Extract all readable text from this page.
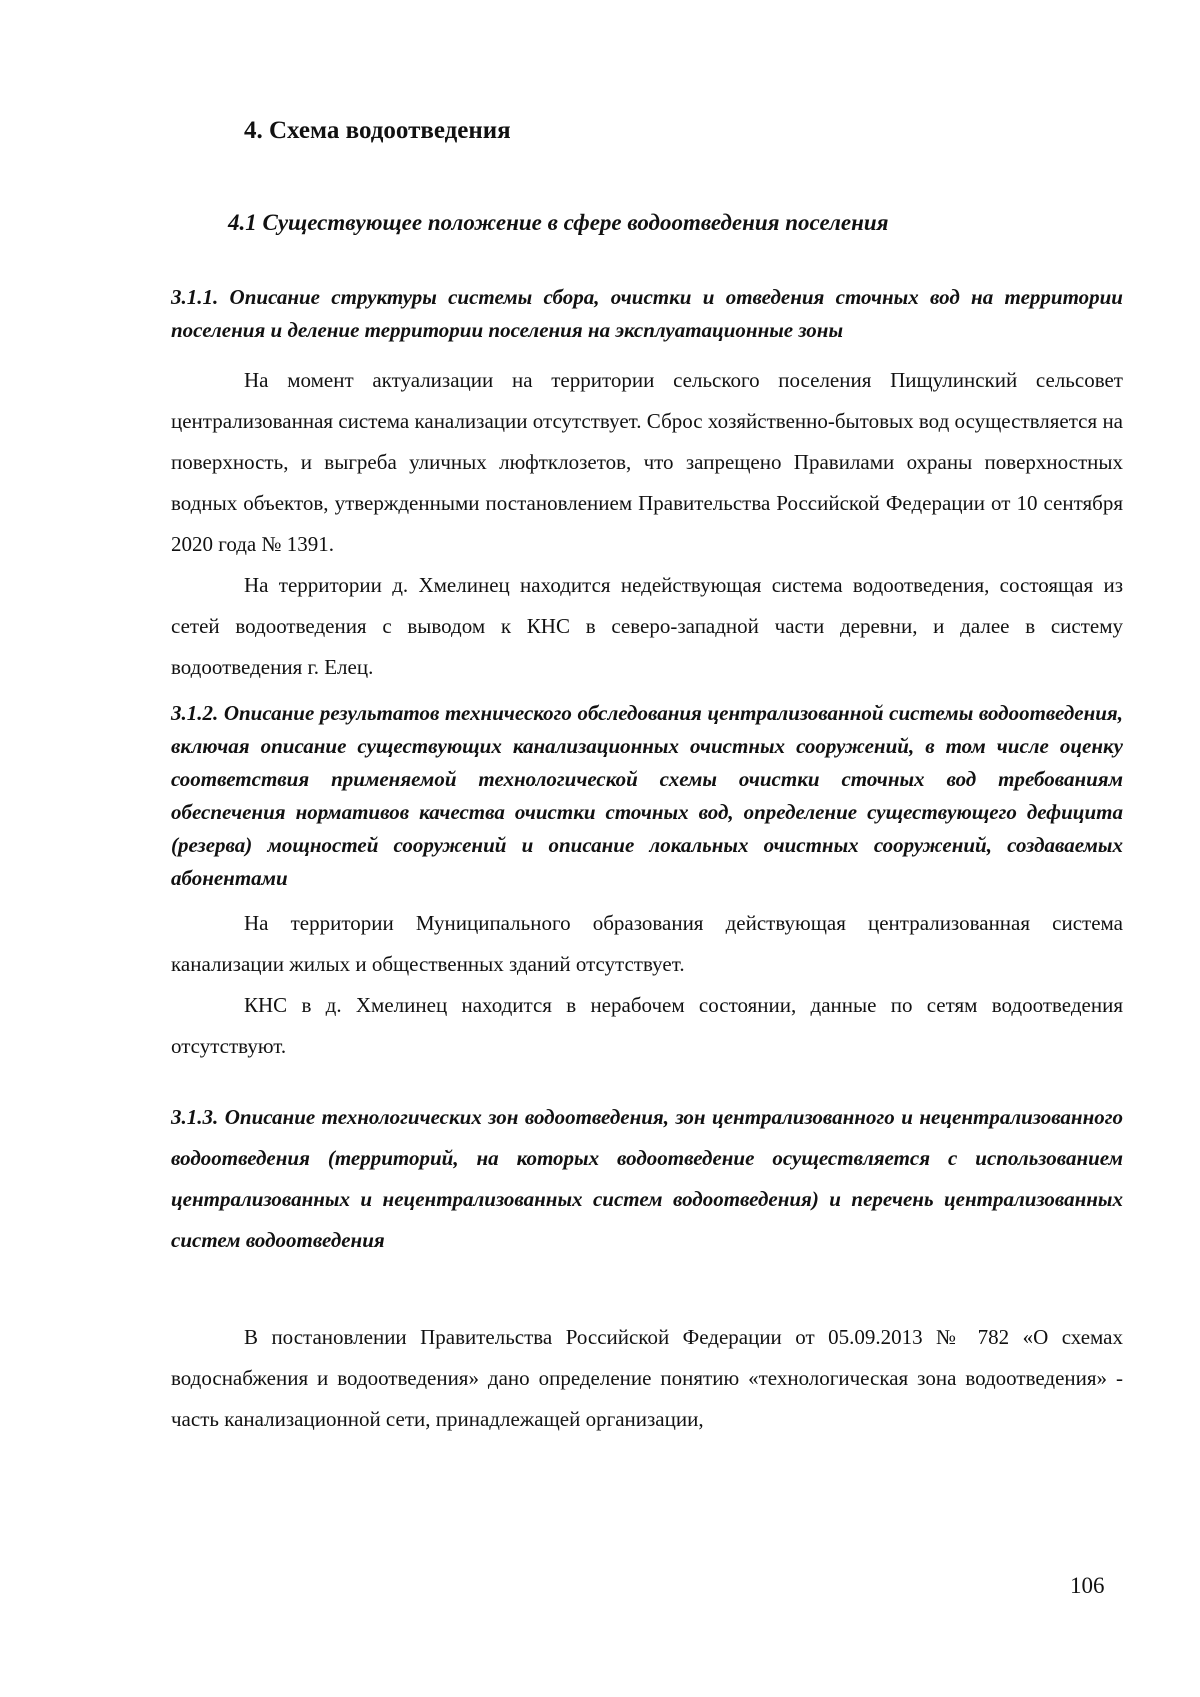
4. Схема водоотведения
4.1 Существующее положение в сфере водоотведения поселения
3.1.1. Описание структуры системы сбора, очистки и отведения сточных вод на территории поселения и деление территории поселения на эксплуатационные зоны

На момент актуализации на территории сельского поселения Пищулинский сельсовет централизованная система канализации отсутствует. Сброс хозяйственно-бытовых вод осуществляется на поверхность, и выгреба уличных люфтклозетов, что запрещено Правилами охраны поверхностных водных объектов, утвержденными постановлением Правительства Российской Федерации от 10 сентября 2020 года № 1391.

На территории д. Хмелинец находится недействующая система водоотведения, состоящая из сетей водоотведения с выводом к КНС в северо-западной части деревни, и далее в систему водоотведения г. Елец.

3.1.2. Описание результатов технического обследования централизованной системы водоотведения, включая описание существующих канализационных очистных сооружений, в том числе оценку соответствия применяемой технологической схемы очистки сточных вод требованиям обеспечения нормативов качества очистки сточных вод, определение существующего дефицита (резерва) мощностей сооружений и описание локальных очистных сооружений, создаваемых абонентами

На территории Муниципального образования действующая централизованная система канализации жилых и общественных зданий отсутствует.

КНС в д. Хмелинец находится в нерабочем состоянии, данные по сетям водоотведения отсутствуют.

3.1.3. Описание технологических зон водоотведения, зон централизованного и нецентрализованного водоотведения (территорий, на которых водоотведение осуществляется с использованием централизованных и нецентрализованных систем водоотведения) и перечень централизованных систем водоотведения

В постановлении Правительства Российской Федерации от 05.09.2013 № 782 «О схемах водоснабжения и водоотведения» дано определение понятию «технологическая зона водоотведения» - часть канализационной сети, принадлежащей организации,

106
